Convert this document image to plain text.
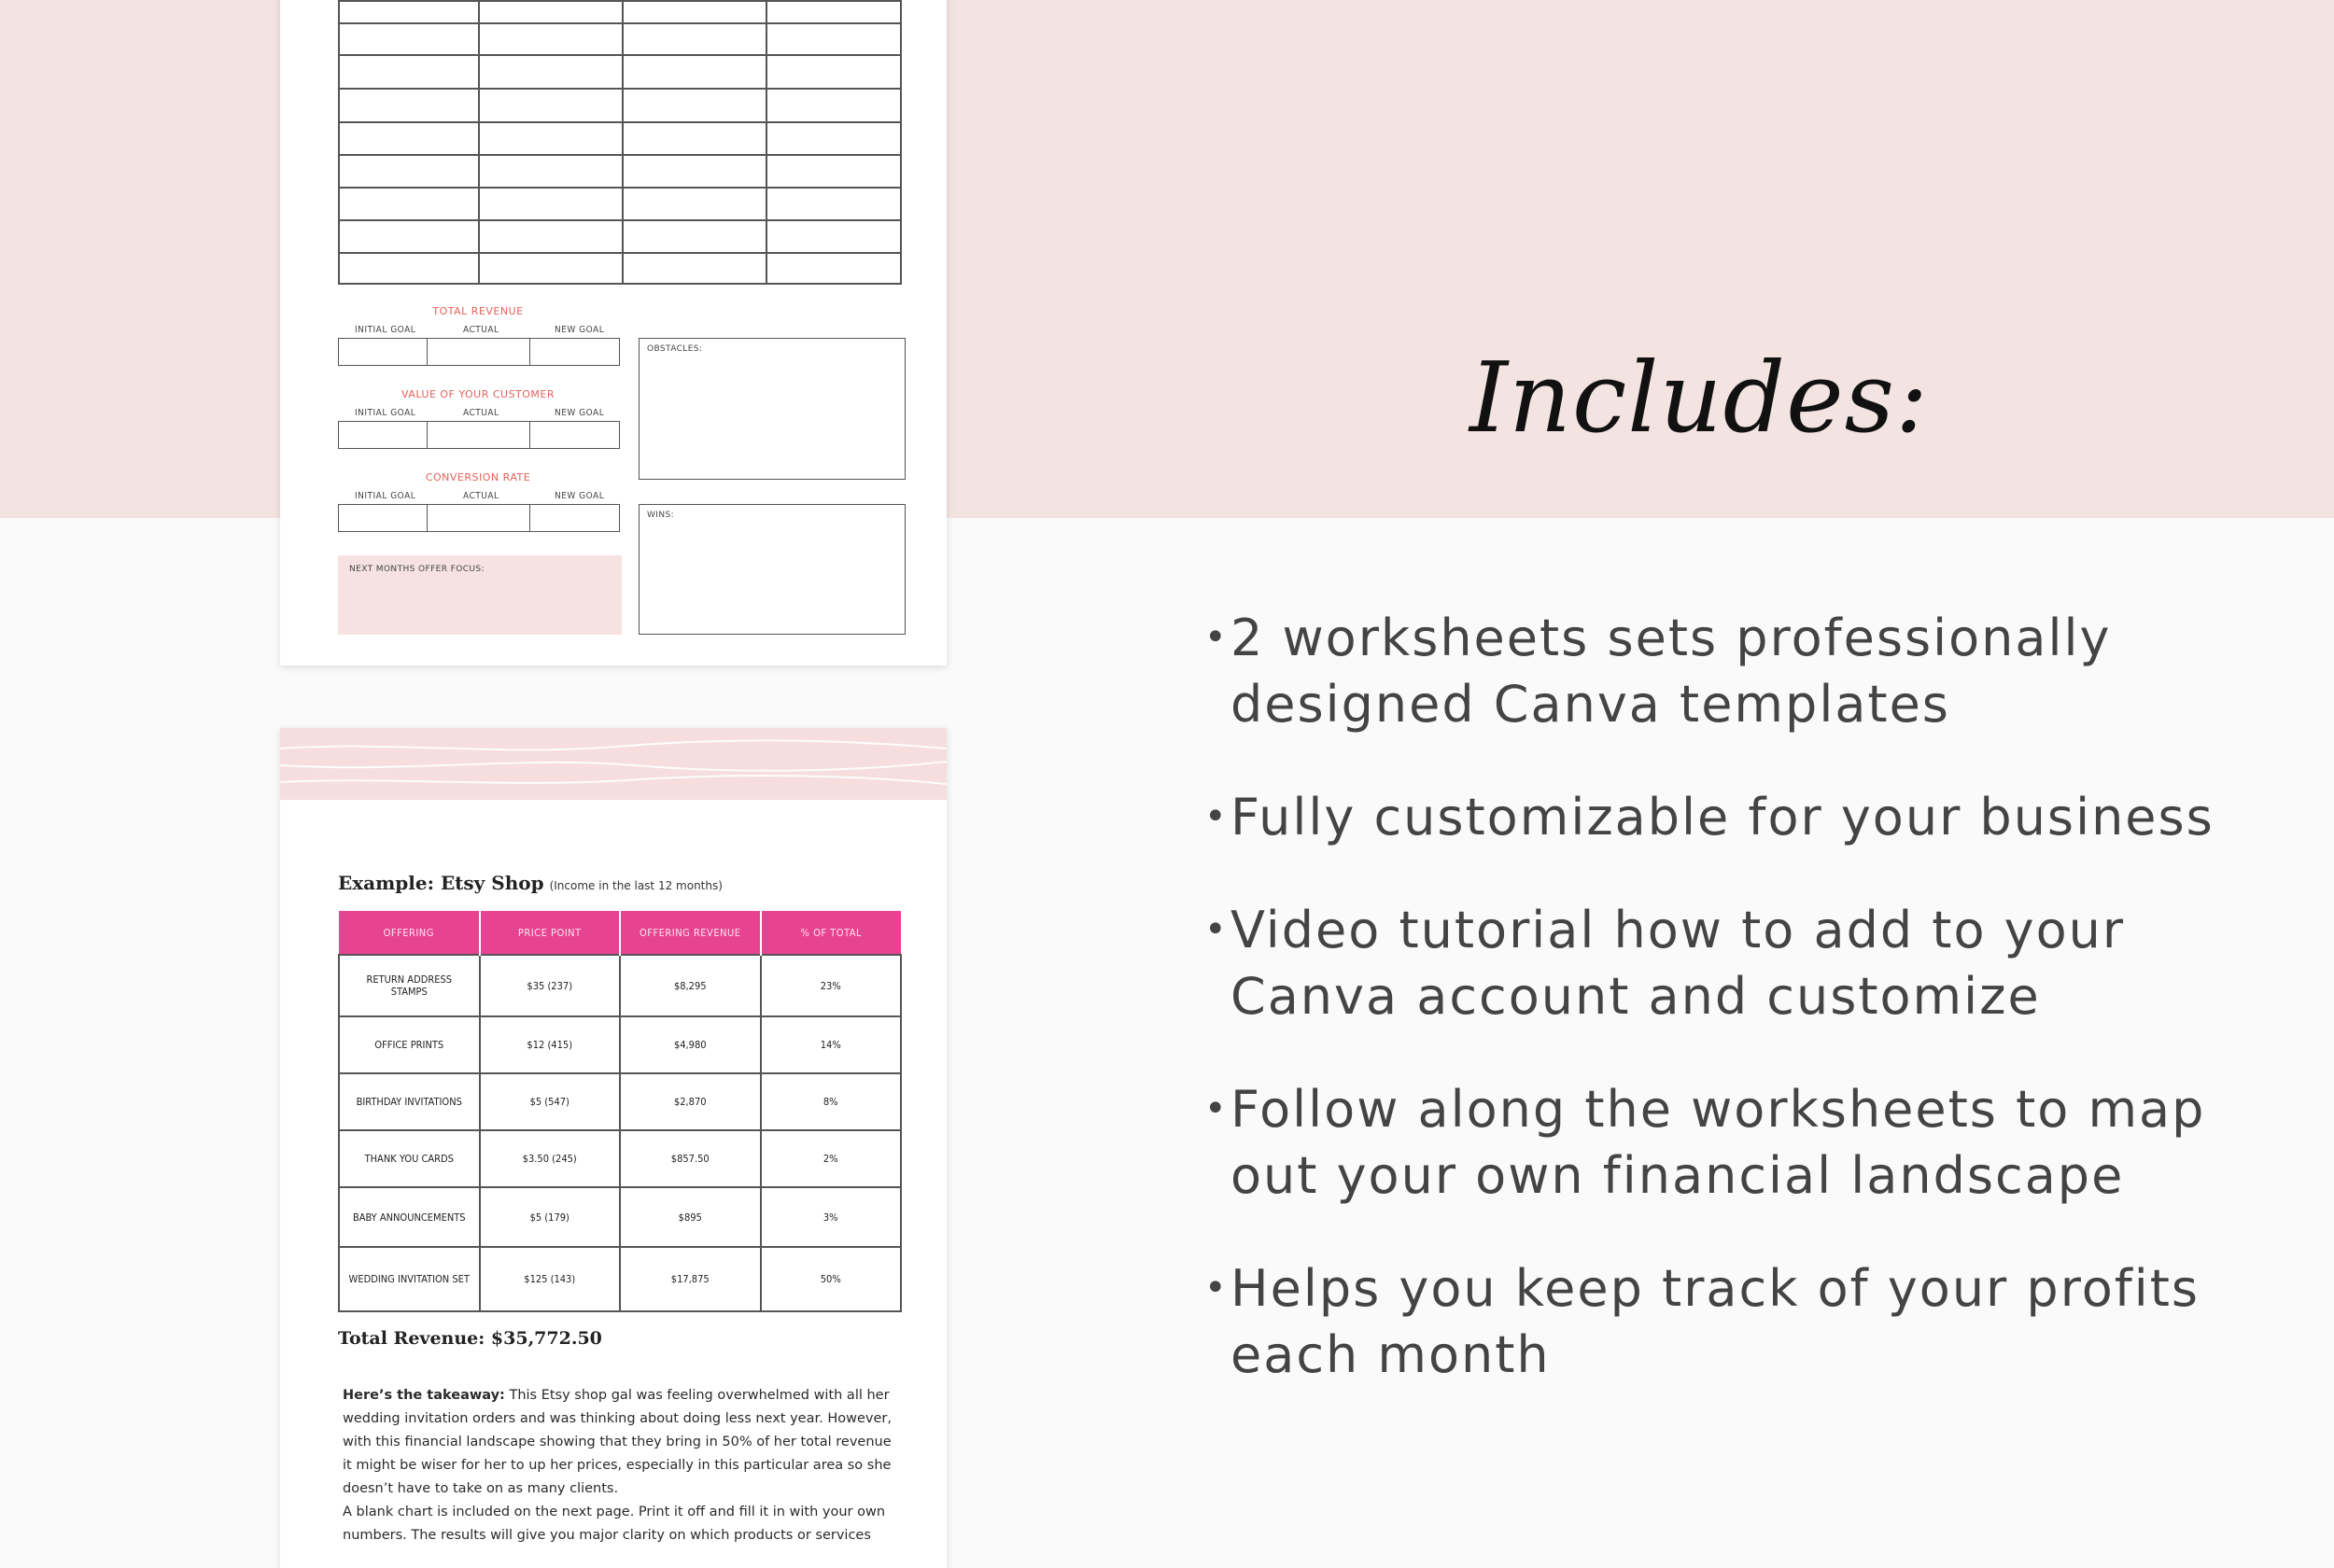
TOTAL REVENUE
INITIAL GOAL	ACTUAL	NEW GOAL
VALUE OF YOUR CUSTOMER
INITIAL GOAL	ACTUAL	NEW GOAL
CONVERSION RATE
INITIAL GOAL	ACTUAL	NEW GOAL
OBSTACLES:
WINS:
NEXT MONTHS OFFER FOCUS:
Example: Etsy Shop (Income in the last 12 months)
OFFERING	PRICE POINT	OFFERING REVENUE	% OF TOTAL
RETURN ADDRESS STAMPS	$35 (237)	$8,295	23%
OFFICE PRINTS	$12 (415)	$4,980	14%
BIRTHDAY INVITATIONS	$5 (547)	$2,870	8%
THANK YOU CARDS	$3.50 (245)	$857.50	2%
BABY ANNOUNCEMENTS	$5 (179)	$895	3%
WEDDING INVITATION SET	$125 (143)	$17,875	50%
Total Revenue: $35,772.50
Here’s the takeaway: This Etsy shop gal was feeling overwhelmed with all her wedding invitation orders and was thinking about doing less next year. However, with this financial landscape showing that they bring in 50% of her total revenue it might be wiser for her to up her prices, especially in this particular area so she doesn’t have to take on as many clients.
A blank chart is included on the next page. Print it off and fill it in with your own numbers. The results will give you major clarity on which products or services
Includes:
• 2 worksheets sets professionally designed Canva templates
• Fully customizable for your business
• Video tutorial how to add to your Canva account and customize
• Follow along the worksheets to map out your own financial landscape
• Helps you keep track of your profits each month
